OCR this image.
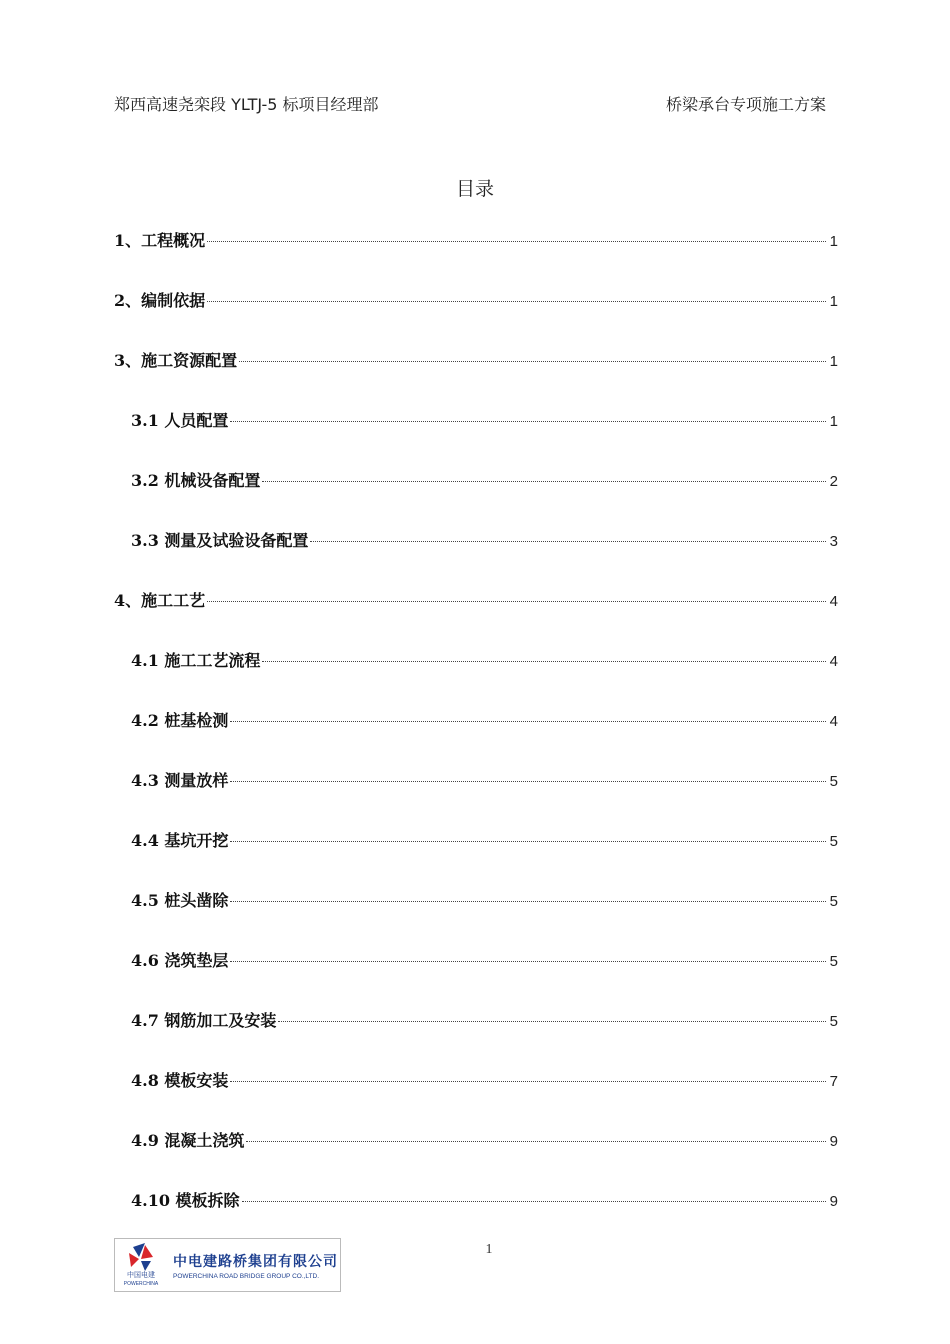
郑西高速尧栾段 YLTJ-5 标项目经理部	桥梁承台专项施工方案
目录
1、工程概况	1
2、编制依据	1
3、施工资源配置	1
3.1 人员配置	1
3.2 机械设备配置	2
3.3 测量及试验设备配置	3
4、施工工艺	4
4.1 施工工艺流程	4
4.2 桩基检测	4
4.3 测量放样	5
4.4 基坑开挖	5
4.5 桩头凿除	5
4.6 浇筑垫层	5
4.7 钢筋加工及安装	5
4.8 模板安装	7
4.9 混凝土浇筑	9
4.10 模板拆除	9
1
中国电建
POWERCHINA
中电建路桥集团有限公司
POWERCHINA ROAD BRIDGE GROUP CO.,LTD.
